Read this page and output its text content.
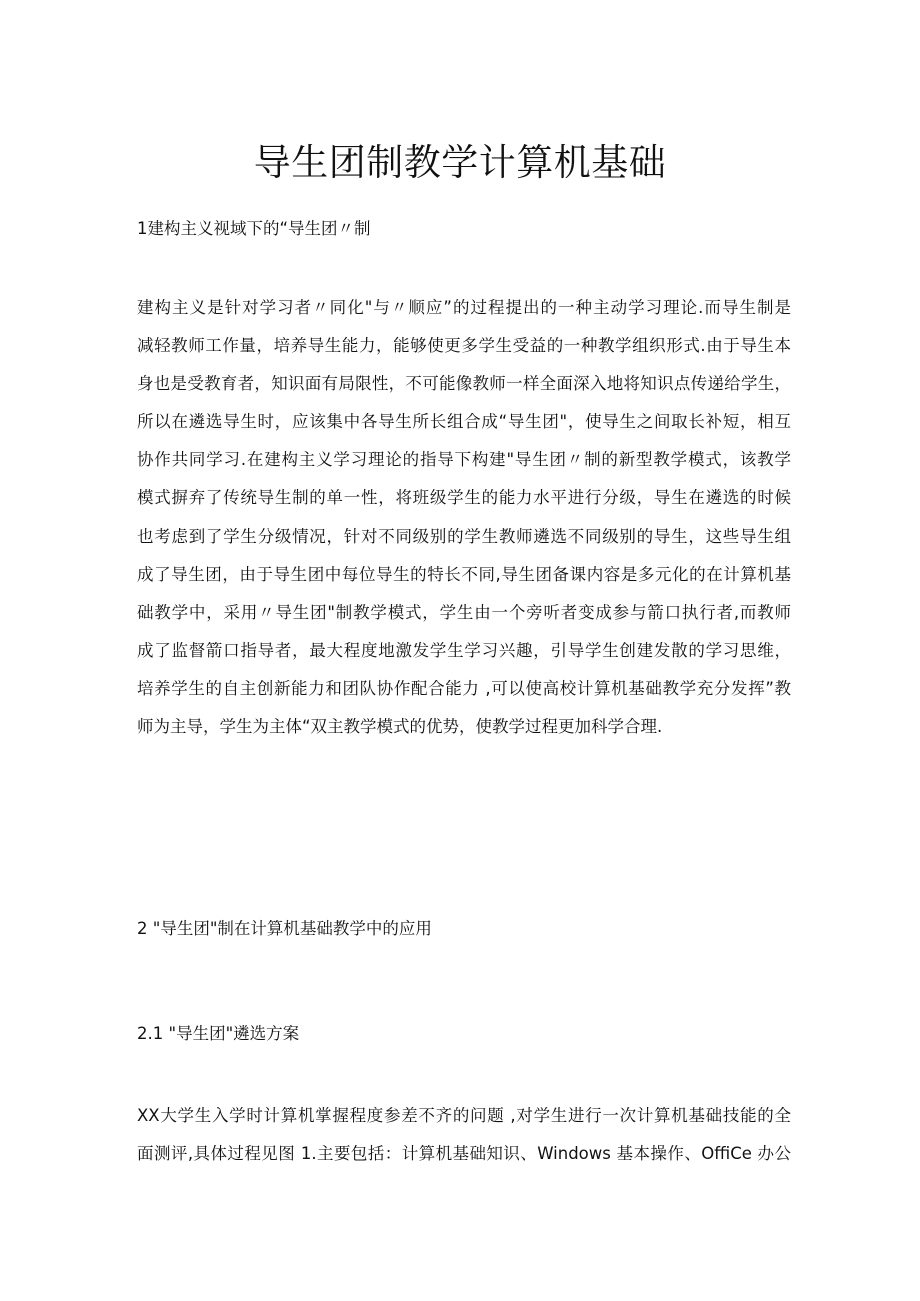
导生团制教学计算机基础
1建构主义视域下的“导生团〃制
建构主义是针对学习者〃同化"与〃顺应”的过程提出的一种主动学习理论.而导生制是
减轻教师工作量，培养导生能力，能够使更多学生受益的一种教学组织形式.由于导生本
身也是受教育者，知识面有局限性，不可能像教师一样全面深入地将知识点传递给学生，
所以在遴选导生时，应该集中各导生所长组合成“导生团"，使导生之间取长补短，相互
协作共同学习.在建构主义学习理论的指导下构建"导生团〃制的新型教学模式，该教学
模式摒弃了传统导生制的单一性，将班级学生的能力水平进行分级，导生在遴选的时候
也考虑到了学生分级情况，针对不同级别的学生教师遴选不同级别的导生，这些导生组
成了导生团，由于导生团中每位导生的特长不同,导生团备课内容是多元化的在计算机基
础教学中，采用〃导生团"制教学模式，学生由一个旁听者变成参与箭口执行者,而教师
成了监督箭口指导者，最大程度地激发学生学习兴趣，引导学生创建发散的学习思维，
培养学生的自主创新能力和团队协作配合能力 ,可以使高校计算机基础教学充分发挥”教
师为主导，学生为主体“双主教学模式的优势，使教学过程更加科学合理.
2 "导生团"制在计算机基础教学中的应用
2.1 "导生团"遴选方案
XX大学生入学时计算机掌握程度参差不齐的问题 ,对学生进行一次计算机基础技能的全
面测评,具体过程见图 1.主要包括：计算机基础知识、Windows 基本操作、OffiCe 办公
